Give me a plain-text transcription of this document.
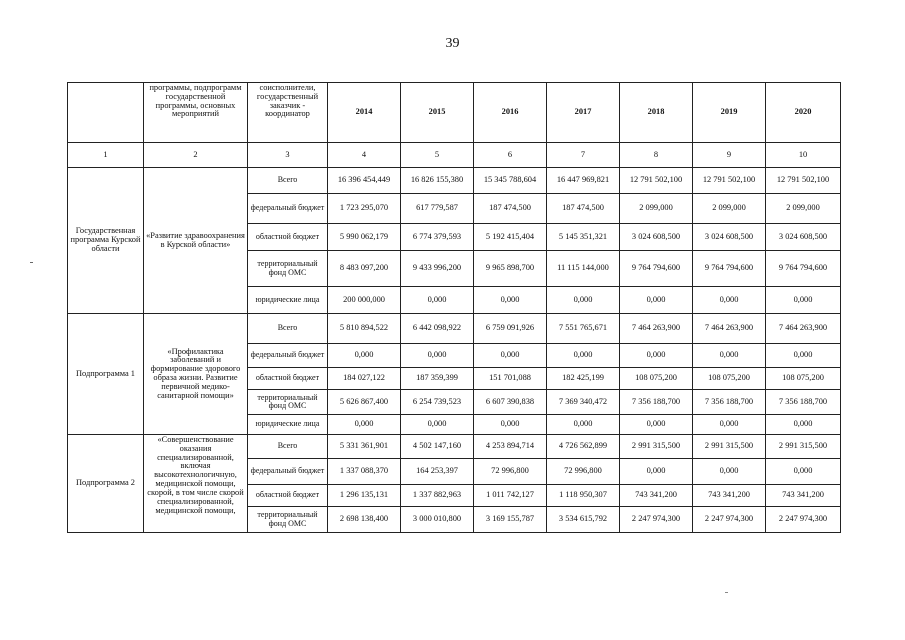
39
	программы, подпрограмм государственной программы, основных мероприятий	соисполнители, государственный заказчик - координатор	2014	2015	2016	2017	2018	2019	2020
1	2	3	4	5	6	7	8	9	10
Государственная программа Курской области	«Развитие здравоохранения в Курской области»	Всего	16 396 454,449	16 826 155,380	15 345 788,604	16 447 969,821	12 791 502,100	12 791 502,100	12 791 502,100
		федеральный бюджет	1 723 295,070	617 779,587	187 474,500	187 474,500	2 099,000	2 099,000	2 099,000
		областной бюджет	5 990 062,179	6 774 379,593	5 192 415,404	5 145 351,321	3 024 608,500	3 024 608,500	3 024 608,500
		территориальный фонд ОМС	8 483 097,200	9 433 996,200	9 965 898,700	11 115 144,000	9 764 794,600	9 764 794,600	9 764 794,600
		юридические лица	200 000,000	0,000	0,000	0,000	0,000	0,000	0,000
Подпрограмма 1	«Профилактика заболеваний и формирование здорового образа жизни. Развитие первичной медико-санитарной помощи»	Всего	5 810 894,522	6 442 098,922	6 759 091,926	7 551 765,671	7 464 263,900	7 464 263,900	7 464 263,900
		федеральный бюджет	0,000	0,000	0,000	0,000	0,000	0,000	0,000
		областной бюджет	184 027,122	187 359,399	151 701,088	182 425,199	108 075,200	108 075,200	108 075,200
		территориальный фонд ОМС	5 626 867,400	6 254 739,523	6 607 390,838	7 369 340,472	7 356 188,700	7 356 188,700	7 356 188,700
		юридические лица	0,000	0,000	0,000	0,000	0,000	0,000	0,000
Подпрограмма 2	«Совершенствование оказания специализированной, включая высокотехнологичную, медицинской помощи, скорой, в том числе скорой специализированной, медицинской помощи,	Всего	5 331 361,901	4 502 147,160	4 253 894,714	4 726 562,899	2 991 315,500	2 991 315,500	2 991 315,500
		федеральный бюджет	1 337 088,370	164 253,397	72 996,800	72 996,800	0,000	0,000	0,000
		областной бюджет	1 296 135,131	1 337 882,963	1 011 742,127	1 118 950,307	743 341,200	743 341,200	743 341,200
		территориальный фонд ОМС	2 698 138,400	3 000 010,800	3 169 155,787	3 534 615,792	2 247 974,300	2 247 974,300	2 247 974,300
